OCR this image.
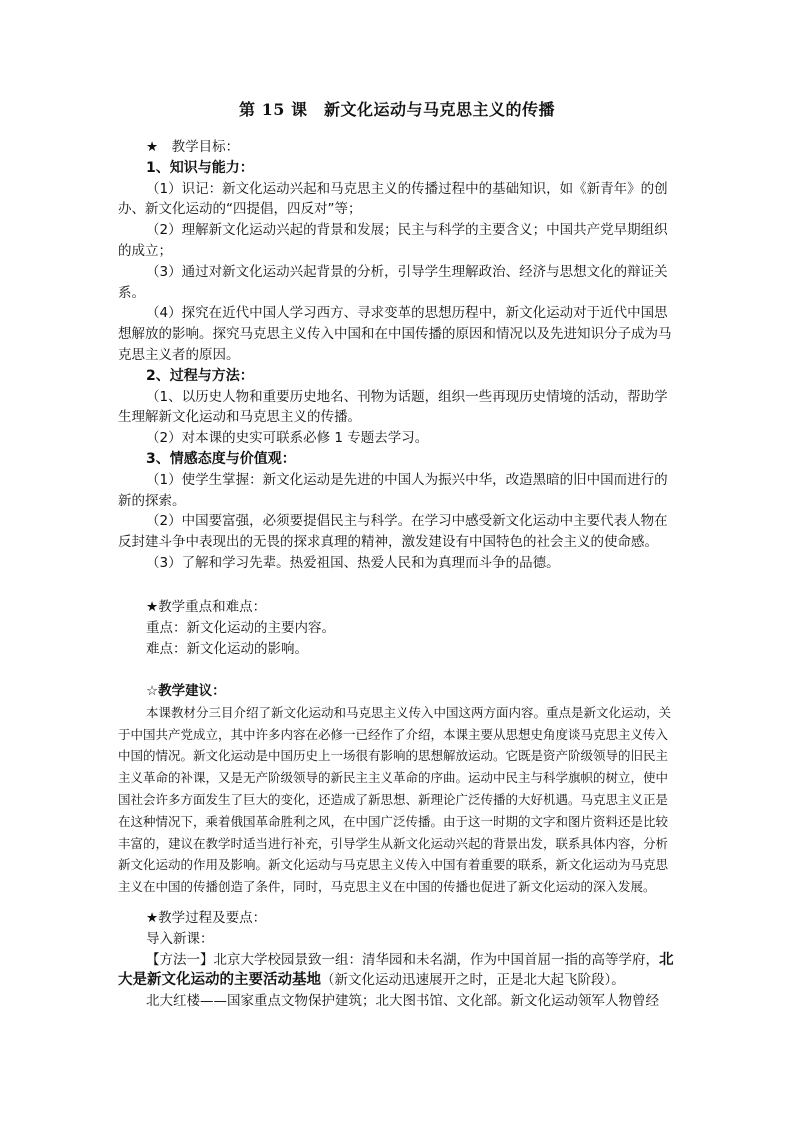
第 15 课　新文化运动与马克思主义的传播

★　教学目标：

1、知识与能力：

（1）识记：新文化运动兴起和马克思主义的传播过程中的基础知识，如《新青年》的创办、新文化运动的“四提倡，四反对”等；

（2）理解新文化运动兴起的背景和发展；民主与科学的主要含义；中国共产党早期组织的成立；

（3）通过对新文化运动兴起背景的分析，引导学生理解政治、经济与思想文化的辩证关系。

（4）探究在近代中国人学习西方、寻求变革的思想历程中，新文化运动对于近代中国思想解放的影响。探究马克思主义传入中国和在中国传播的原因和情况以及先进知识分子成为马克思主义者的原因。

2、过程与方法：

（1、以历史人物和重要历史地名、刊物为话题，组织一些再现历史情境的活动，帮助学生理解新文化运动和马克思主义的传播。

（2）对本课的史实可联系必修 1 专题去学习。

3、情感态度与价值观：

（1）使学生掌握：新文化运动是先进的中国人为振兴中华，改造黑暗的旧中国而进行的新的探索。

（2）中国要富强，必须要提倡民主与科学。在学习中感受新文化运动中主要代表人物在反封建斗争中表现出的无畏的探求真理的精神，激发建设有中国特色的社会主义的使命感。

（3）了解和学习先辈。热爱祖国、热爱人民和为真理而斗争的品德。

★教学重点和难点：

重点：新文化运动的主要内容。

难点：新文化运动的影响。

☆教学建议：

本课教材分三目介绍了新文化运动和马克思主义传入中国这两方面内容。重点是新文化运动，关于中国共产党成立，其中许多内容在必修一已经作了介绍，本课主要从思想史角度谈马克思主义传入中国的情况。新文化运动是中国历史上一场很有影响的思想解放运动。它既是资产阶级领导的旧民主主义革命的补课，又是无产阶级领导的新民主主义革命的序曲。运动中民主与科学旗帜的树立，使中国社会许多方面发生了巨大的变化，还造成了新思想、新理论广泛传播的大好机遇。马克思主义正是在这种情况下，乘着俄国革命胜利之风，在中国广泛传播。由于这一时期的文字和图片资料还是比较丰富的，建议在教学时适当进行补充，引导学生从新文化运动兴起的背景出发，联系具体内容，分析新文化运动的作用及影响。新文化运动与马克思主义传入中国有着重要的联系，新文化运动为马克思主义在中国的传播创造了条件，同时，马克思主义在中国的传播也促进了新文化运动的深入发展。

★教学过程及要点：

导入新课：

【方法一】北京大学校园景致一组：清华园和未名湖，作为中国首屈一指的高等学府，北大是新文化运动的主要活动基地（新文化运动迅速展开之时，正是北大起飞阶段）。

北大红楼——国家重点文物保护建筑；北大图书馆、文化部。新文化运动领军人物曾经
